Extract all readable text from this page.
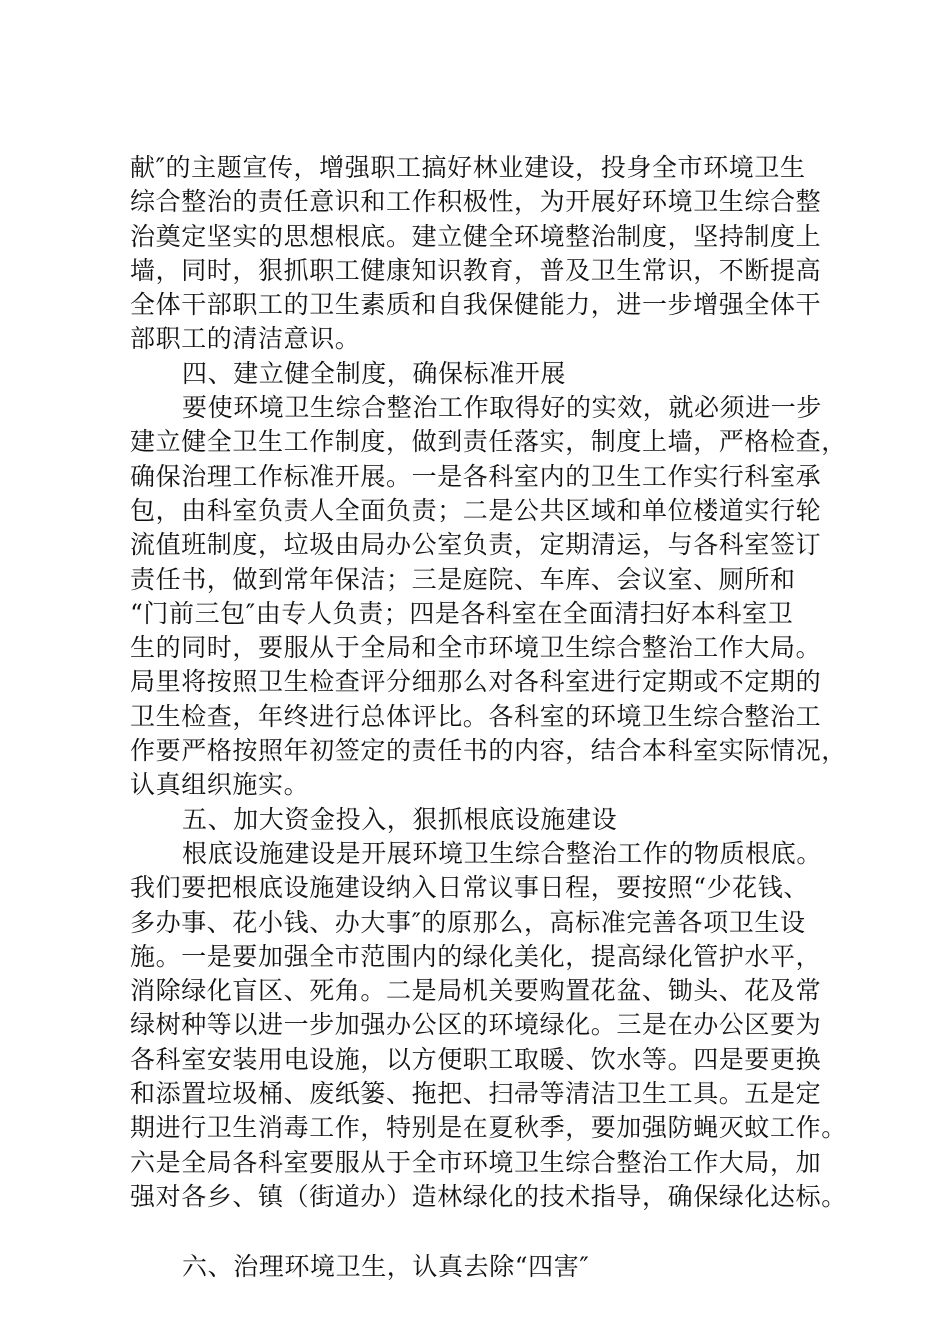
献″的主题宣传，增强职工搞好林业建设，投身全市环境卫生
综合整治的责任意识和工作积极性，为开展好环境卫生综合整
治奠定坚实的思想根底。建立健全环境整治制度，坚持制度上
墙，同时，狠抓职工健康知识教育，普及卫生常识，不断提高
全体干部职工的卫生素质和自我保健能力，进一步增强全体干
部职工的清洁意识。
四、建立健全制度，确保标准开展
要使环境卫生综合整治工作取得好的实效，就必须进一步
建立健全卫生工作制度，做到责任落实，制度上墙，严格检查，
确保治理工作标准开展。一是各科室内的卫生工作实行科室承
包，由科室负责人全面负责；二是公共区域和单位楼道实行轮
流值班制度，垃圾由局办公室负责，定期清运，与各科室签订
责任书，做到常年保洁；三是庭院、车库、会议室、厕所和
“门前三包″由专人负责；四是各科室在全面清扫好本科室卫
生的同时，要服从于全局和全市环境卫生综合整治工作大局。
局里将按照卫生检查评分细那么对各科室进行定期或不定期的
卫生检查，年终进行总体评比。各科室的环境卫生综合整治工
作要严格按照年初签定的责任书的内容，结合本科室实际情况，
认真组织施实。
五、加大资金投入，狠抓根底设施建设
根底设施建设是开展环境卫生综合整治工作的物质根底。
我们要把根底设施建设纳入日常议事日程，要按照“少花钱、
多办事、花小钱、办大事″的原那么，高标准完善各项卫生设
施。一是要加强全市范围内的绿化美化，提高绿化管护水平，
消除绿化盲区、死角。二是局机关要购置花盆、锄头、花及常
绿树种等以进一步加强办公区的环境绿化。三是在办公区要为
各科室安装用电设施，以方便职工取暖、饮水等。四是要更换
和添置垃圾桶、废纸篓、拖把、扫帚等清洁卫生工具。五是定
期进行卫生消毒工作，特别是在夏秋季，要加强防蝇灭蚊工作。
六是全局各科室要服从于全市环境卫生综合整治工作大局，加
强对各乡、镇（街道办）造林绿化的技术指导，确保绿化达标。
六、治理环境卫生，认真去除“四害″
